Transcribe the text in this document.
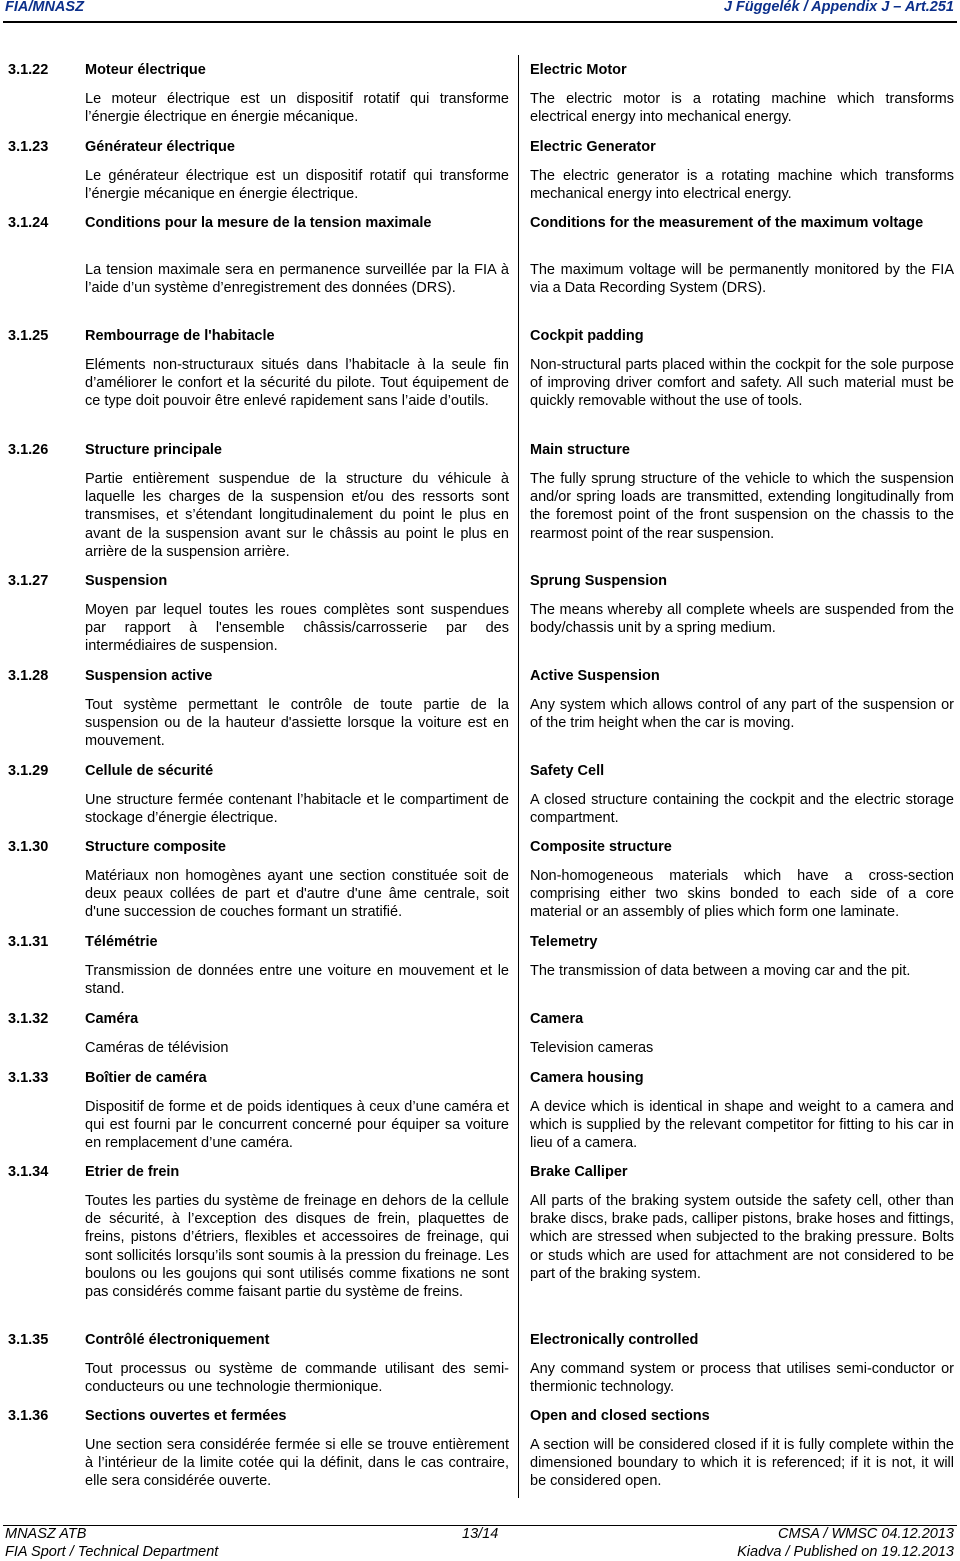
FIA/MNASZ	J Függelék / Appendix J – Art.251
3.1.22	Moteur électrique	Electric Motor
Le moteur électrique est un dispositif rotatif qui transforme l’énergie électrique en énergie mécanique.
The electric motor is a rotating machine which transforms electrical energy into mechanical energy.
3.1.23	Générateur électrique	Electric Generator
Le générateur électrique est un dispositif rotatif qui transforme l’énergie mécanique en énergie électrique.
The electric generator is a rotating machine which transforms mechanical energy into electrical energy.
3.1.24	Conditions pour la mesure de la tension maximale	Conditions for the measurement of the maximum voltage
La tension maximale sera en permanence surveillée par la FIA à l’aide d’un système d’enregistrement des données (DRS).
The maximum voltage will be permanently monitored by the FIA via a Data Recording System (DRS).
3.1.25	Rembourrage de l'habitacle	Cockpit padding
Eléments non-structuraux situés dans l’habitacle à la seule fin d’améliorer le confort et la sécurité du pilote. Tout équipement de ce type doit pouvoir être enlevé rapidement sans l’aide d’outils.
Non-structural parts placed within the cockpit for the sole purpose of improving driver comfort and safety. All such material must be quickly removable without the use of tools.
3.1.26	Structure principale	Main structure
Partie entièrement suspendue de la structure du véhicule à laquelle les charges de la suspension et/ou des ressorts sont transmises, et s’étendant longitudinalement du point le plus en avant de la suspension avant sur le châssis au point le plus en arrière de la suspension arrière.
The fully sprung structure of the vehicle to which the suspension and/or spring loads are transmitted, extending longitudinally from the foremost point of the front suspension on the chassis to the rearmost point of the rear suspension.
3.1.27	Suspension	Sprung Suspension
Moyen par lequel toutes les roues complètes sont suspendues par rapport à l'ensemble châssis/carrosserie par des intermédiaires de suspension.
The means whereby all complete wheels are suspended from the body/chassis unit by a spring medium.
3.1.28	Suspension active	Active Suspension
Tout système permettant le contrôle de toute partie de la suspension ou de la hauteur d'assiette lorsque la voiture est en mouvement.
Any system which allows control of any part of the suspension or of the trim height when the car is moving.
3.1.29	Cellule de sécurité	Safety Cell
Une structure fermée contenant l’habitacle et le compartiment de stockage d’énergie électrique.
A closed structure containing the cockpit and the electric storage compartment.
3.1.30	Structure composite	Composite structure
Matériaux non homogènes ayant une section constituée soit de deux peaux collées de part et d'autre d'une âme centrale, soit d'une succession de couches formant un stratifié.
Non-homogeneous materials which have a cross-section comprising either two skins bonded to each side of a core material or an assembly of plies which form one laminate.
3.1.31	Télémétrie	Telemetry
Transmission de données entre une voiture en mouvement et le stand.
The transmission of data between a moving car and the pit.
3.1.32	Caméra	Camera
Caméras de télévision	Television cameras
3.1.33	Boîtier de caméra	Camera housing
Dispositif de forme et de poids identiques à ceux d’une caméra et qui est fourni par le concurrent concerné pour équiper sa voiture en remplacement d’une caméra.
A device which is identical in shape and weight to a camera and which is supplied by the relevant competitor for fitting to his car in lieu of a camera.
3.1.34	Etrier de frein	Brake Calliper
Toutes les parties du système de freinage en dehors de la cellule de sécurité, à l’exception des disques de frein, plaquettes de freins, pistons d’étriers, flexibles et accessoires de freinage, qui sont sollicités lorsqu’ils sont soumis à la pression du freinage. Les boulons ou les goujons qui sont utilisés comme fixations ne sont pas considérés comme faisant partie du système de freins.
All parts of the braking system outside the safety cell, other than brake discs, brake pads, calliper pistons, brake hoses and fittings, which are stressed when subjected to the braking pressure. Bolts or studs which are used for attachment are not considered to be part of the braking system.
3.1.35	Contrôlé électroniquement	Electronically controlled
Tout processus ou système de commande utilisant des semi-conducteurs ou une technologie thermionique.
Any command system or process that utilises semi-conductor or thermionic technology.
3.1.36	Sections ouvertes et fermées	Open and closed sections
Une section sera considérée fermée si elle se trouve entièrement à l’intérieur de la limite cotée qui la définit, dans le cas contraire, elle sera considérée ouverte.
A section will be considered closed if it is fully complete within the dimensioned boundary to which it is referenced; if it is not, it will be considered open.
MNASZ ATB
FIA Sport / Technical Department
13/14	CMSA / WMSC 04.12.2013
Kiadva / Published on 19.12.2013
